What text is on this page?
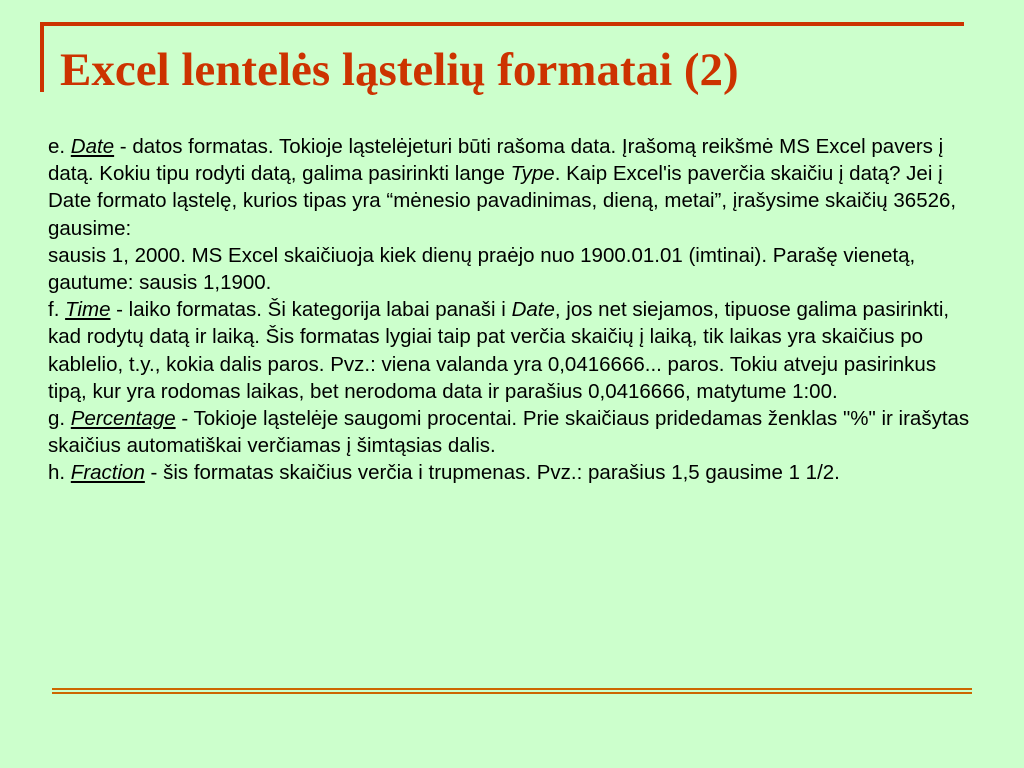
Excel lentelės ląstelių formatai (2)

e. Date - datos formatas. Tokioje ląstelėjeturi būti rašoma data. Įrašomą reikšmė MS Excel pavers į datą. Kokiu tipu rodyti datą, galima pasirinkti lange Type. Kaip Excel'is paverčia skaičiu į datą? Jei į Date formato ląstelę, kurios tipas yra “mėnesio pavadinimas, dieną, metai”, įrašysime skaičių 36526, gausime:
sausis 1, 2000. MS Excel skaičiuoja kiek dienų praėjo nuo 1900.01.01 (imtinai). Parašę vienetą, gautume: sausis 1,1900.

f. Time - laiko formatas. Ši kategorija labai panaši i Date, jos net siejamos, tipuose galima pasirinkti, kad rodytų datą ir laiką. Šis formatas lygiai taip pat verčia skaičių į laiką, tik laikas yra skaičius po kablelio, t.y., kokia dalis paros. Pvz.: viena valanda yra 0,0416666... paros. Tokiu atveju pasirinkus tipą, kur yra rodomas laikas, bet nerodoma data ir parašius 0,0416666, matytume 1:00.

g. Percentage - Tokioje ląstelėje saugomi procentai. Prie skaičiaus pridedamas ženklas "%" ir irašytas skaičius automatiškai verčiamas į šimtąsias dalis.

h. Fraction - šis formatas skaičius verčia i trupmenas. Pvz.: parašius 1,5 gausime 1 1/2.
